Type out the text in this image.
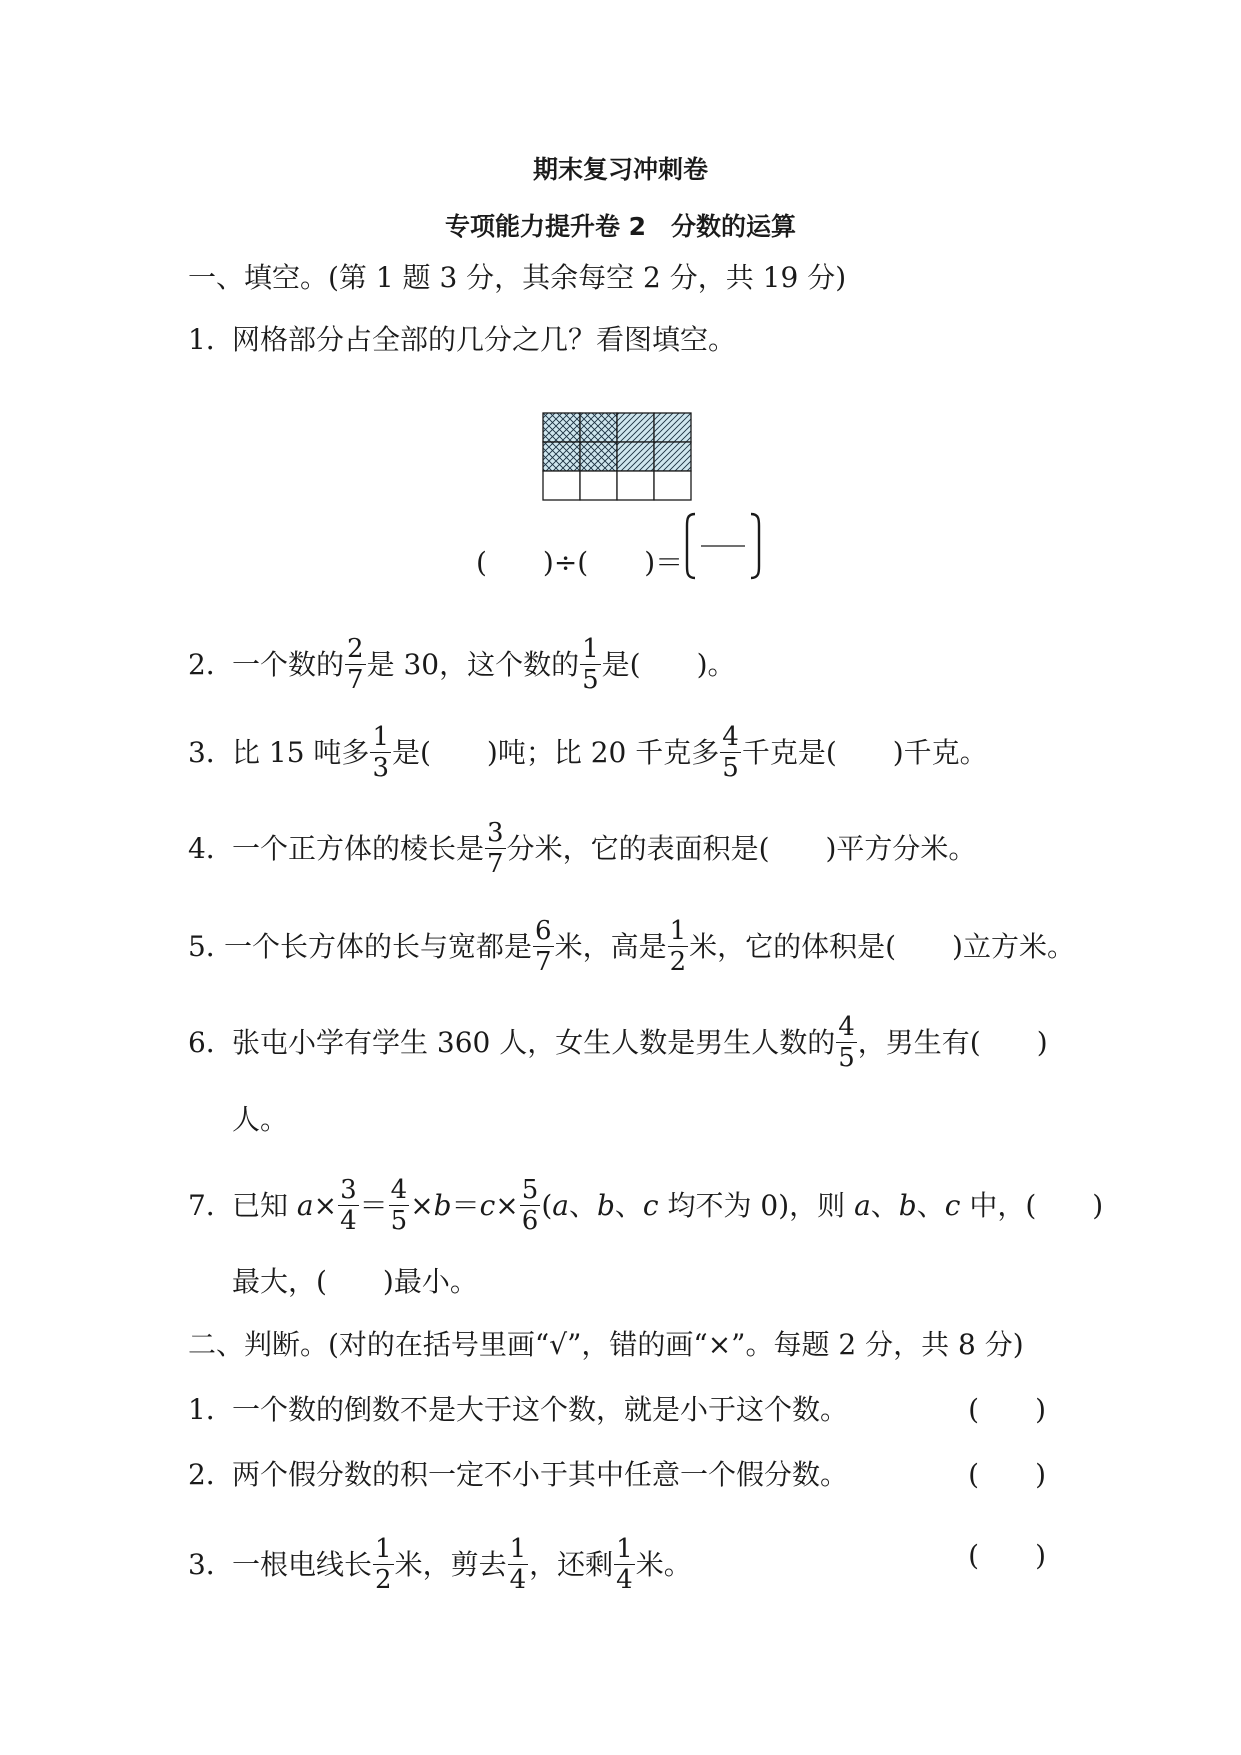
期末复习冲刺卷
专项能力提升卷 2　分数的运算
一、填空。(第 1 题 3 分，其余每空 2 分，共 19 分)
1．网格部分占全部的几分之几？看图填空。
(　　)÷(　　)＝
2．一个数的 $\frac{2}{7}$ 是 30，这个数的 $\frac{1}{5}$ 是(　　)。
3．比 15 吨多 $\frac{1}{3}$ 是(　　)吨；比 20 千克多 $\frac{4}{5}$ 千克是(　　)千克。
4．一个正方体的棱长是 $\frac{3}{7}$ 分米，它的表面积是(　　)平方分米。
5．一个长方体的长与宽都是 $\frac{6}{7}$ 米，高是 $\frac{1}{2}$ 米，它的体积是(　　)立方米。
6．张屯小学有学生 360 人，女生人数是男生人数的 $\frac{4}{5}$ ，男生有(　　)
人。
7．已知 $a\times \frac{3}{4} = \frac{4}{5} \times b=c\times \frac{5}{6} (a$、b、c 均不为 0)，则 a、b、c 中，(　　)
最大，(　　)最小。
二、判断。(对的在括号里画“√”，错的画“×”。每题 2 分，共 8 分)
1．一个数的倒数不是大于这个数，就是小于这个数。	(　　)
2．两个假分数的积一定不小于其中任意一个假分数。	(　　)
3．一根电线长 $\frac{1}{2}$ 米，剪去 $\frac{1}{4}$ ，还剩 $\frac{1}{4}$ 米。	(　　)
